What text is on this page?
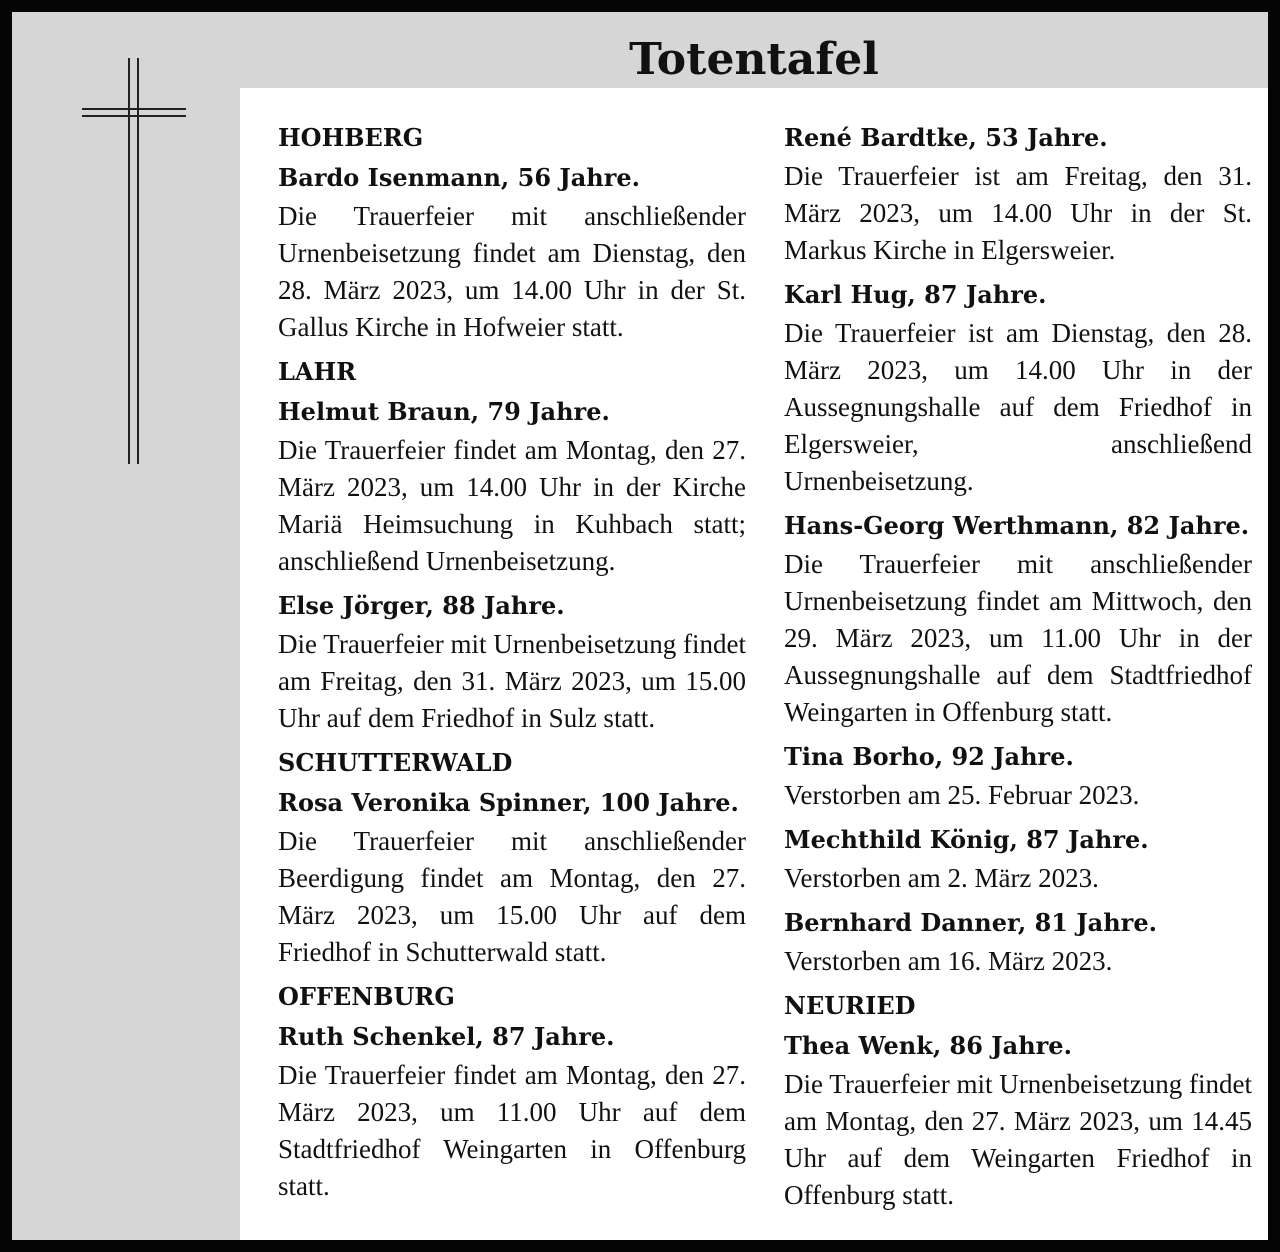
Totentafel

HOHBERG

Bardo Isenmann, 56 Jahre.

Die Trauerfeier mit anschließender Urnenbeisetzung findet am Dienstag, den 28. März 2023, um 14.00 Uhr in der St. Gallus Kirche in Hofweier statt.

LAHR

Helmut Braun, 79 Jahre.

Die Trauerfeier findet am Montag, den 27. März 2023, um 14.00 Uhr in der Kirche Mariä Heimsuchung in Kuhbach statt; anschließend Urnenbeisetzung.

Else Jörger, 88 Jahre.

Die Trauerfeier mit Urnenbeisetzung findet am Freitag, den 31. März 2023, um 15.00 Uhr auf dem Friedhof in Sulz statt.

SCHUTTERWALD

Rosa Veronika Spinner, 100 Jahre.

Die Trauerfeier mit anschließender Beerdigung findet am Montag, den 27. März 2023, um 15.00 Uhr auf dem Friedhof in Schutterwald statt.

OFFENBURG

Ruth Schenkel, 87 Jahre.

Die Trauerfeier findet am Montag, den 27. März 2023, um 11.00 Uhr auf dem Stadtfriedhof Weingarten in Offenburg statt.

René Bardtke, 53 Jahre.

Die Trauerfeier ist am Freitag, den 31. März 2023, um 14.00 Uhr in der St. Markus Kirche in Elgersweier.

Karl Hug, 87 Jahre.

Die Trauerfeier ist am Dienstag, den 28. März 2023, um 14.00 Uhr in der Aussegnungshalle auf dem Friedhof in Elgersweier, anschließend Urnenbeisetzung.

Hans-Georg Werthmann, 82 Jahre.

Die Trauerfeier mit anschließender Urnenbeisetzung findet am Mittwoch, den 29. März 2023, um 11.00 Uhr in der Aussegnungshalle auf dem Stadtfriedhof Weingarten in Offenburg statt.

Tina Borho, 92 Jahre.

Verstorben am 25. Februar 2023.

Mechthild König, 87 Jahre.

Verstorben am 2. März 2023.

Bernhard Danner, 81 Jahre.

Verstorben am 16. März 2023.

NEURIED

Thea Wenk, 86 Jahre.

Die Trauerfeier mit Urnenbeisetzung findet am Montag, den 27. März 2023, um 14.45 Uhr auf dem Weingarten Friedhof in Offenburg statt.
